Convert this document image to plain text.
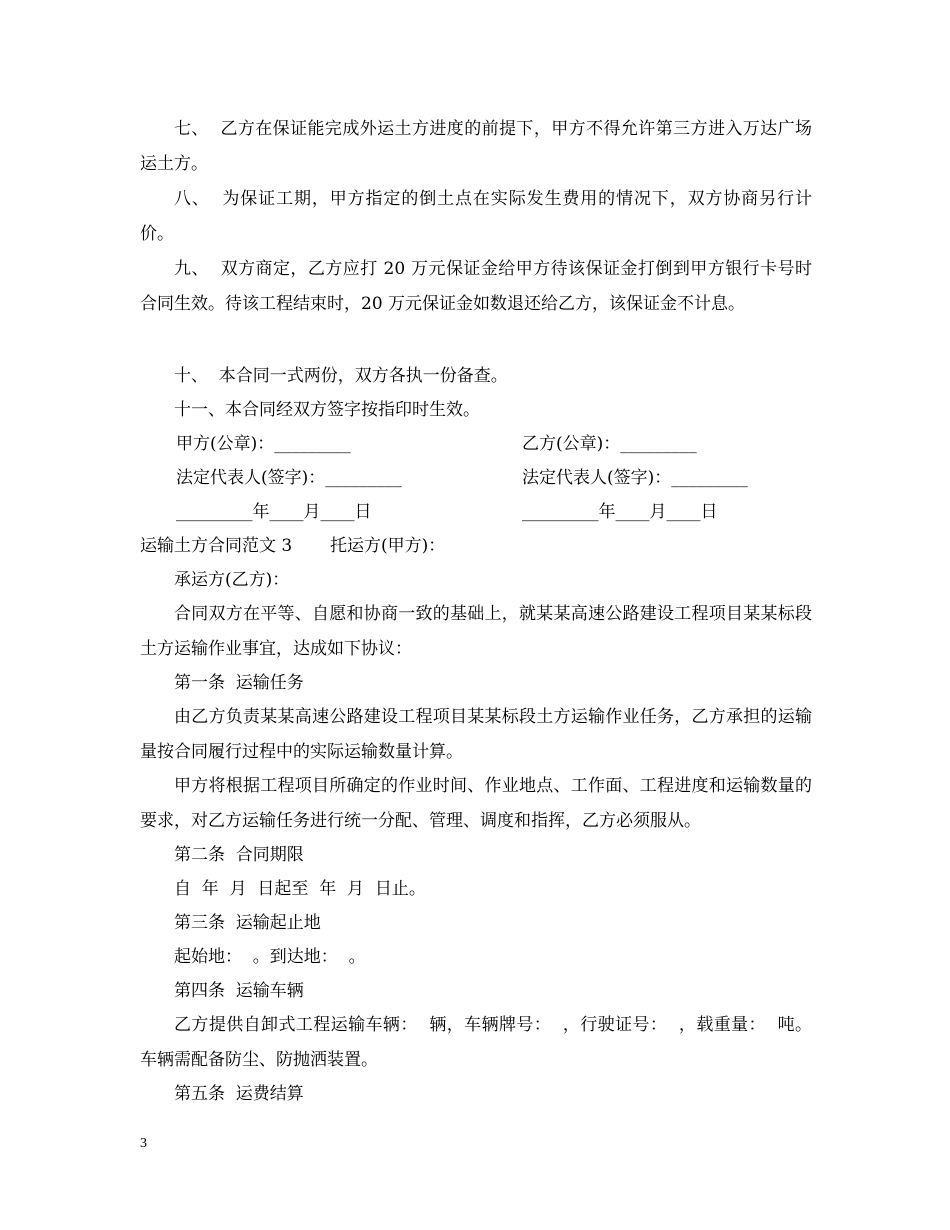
七、  乙方在保证能完成外运土方进度的前提下，甲方不得允许第三方进入万达广场运土方。

八、  为保证工期，甲方指定的倒土点在实际发生费用的情况下，双方协商另行计价。

九、  双方商定，乙方应打 20 万元保证金给甲方待该保证金打倒到甲方银行卡号时合同生效。待该工程结束时，20 万元保证金如数退还给乙方，该保证金不计息。

十、  本合同一式两份，双方各执一份备查。

十一、本合同经双方签字按指印时生效。

甲方(公章)：_________	乙方(公章)：_________

法定代表人(签字)：_________	法定代表人(签字)：_________

_________年____月____日	_________年____月____日

运输土方合同范文 3       托运方(甲方)：

承运方(乙方)：

合同双方在平等、自愿和协商一致的基础上，就某某高速公路建设工程项目某某标段土方运输作业事宜，达成如下协议：

第一条  运输任务

由乙方负责某某高速公路建设工程项目某某标段土方运输作业任务，乙方承担的运输量按合同履行过程中的实际运输数量计算。

甲方将根据工程项目所确定的作业时间、作业地点、工作面、工程进度和运输数量的要求，对乙方运输任务进行统一分配、管理、调度和指挥，乙方必须服从。

第二条  合同期限

自  年  月  日起至  年  月  日止。

第三条  运输起止地

起始地：  。到达地：  。

第四条  运输车辆

乙方提供自卸式工程运输车辆：  辆，车辆牌号：  ，行驶证号：  ，载重量：  吨。车辆需配备防尘、防抛洒装置。

第五条  运费结算

3
